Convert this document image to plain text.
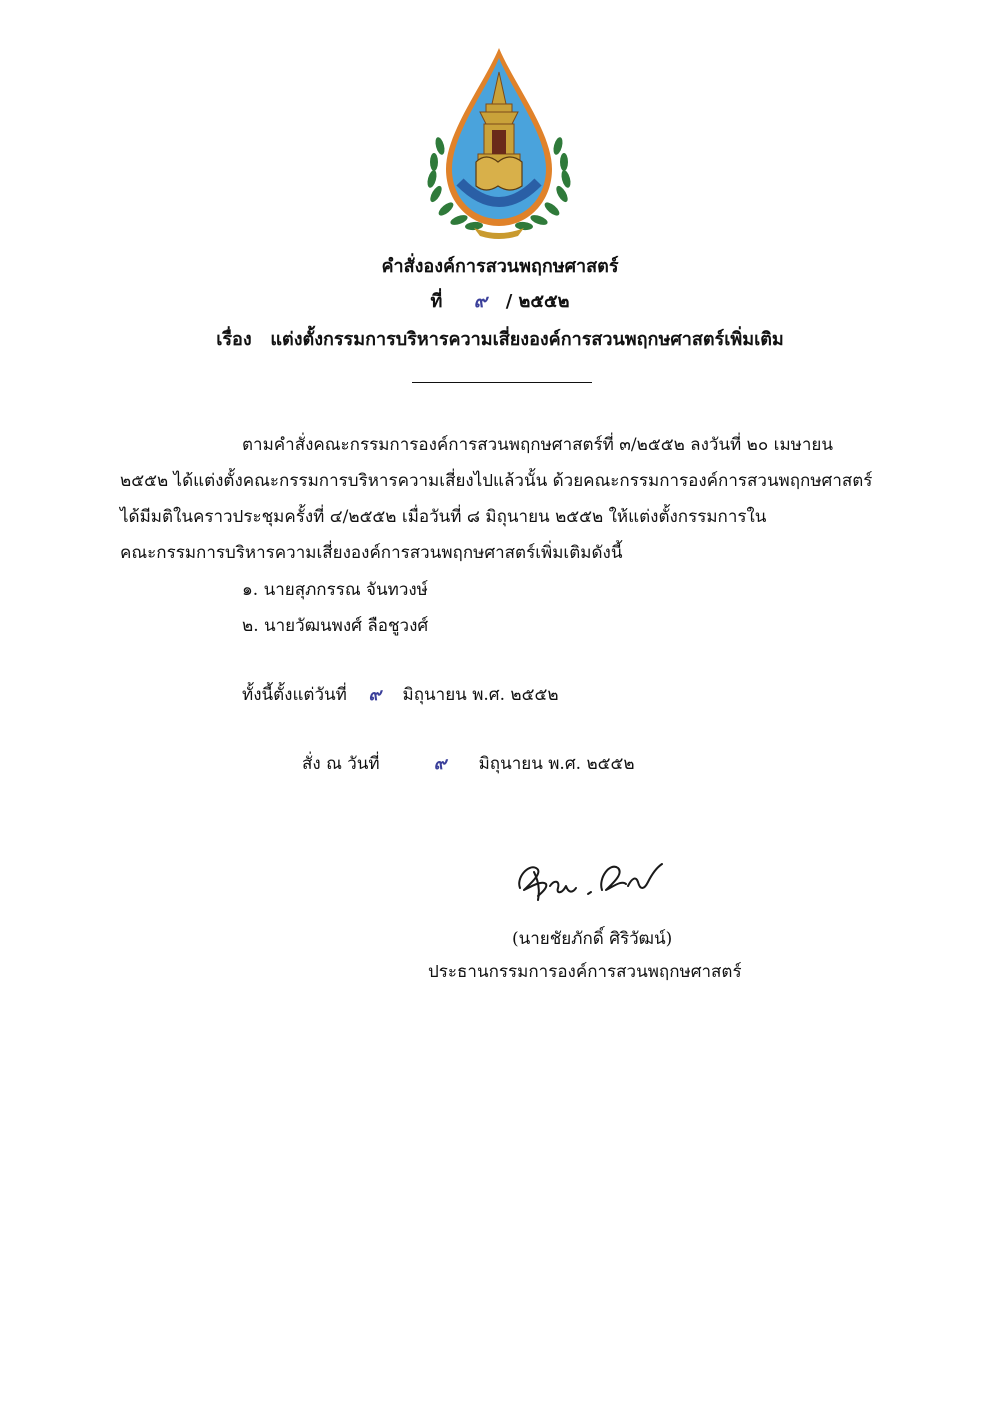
คำสั่งองค์การสวนพฤกษศาสตร์
ที่ ๙ / ๒๕๕๒
เรื่อง แต่งตั้งกรรมการบริหารความเสี่ยงองค์การสวนพฤกษศาสตร์เพิ่มเติม
ตามคำสั่งคณะกรรมการองค์การสวนพฤกษศาสตร์ที่ ๓/๒๕๕๒ ลงวันที่ ๒๐ เมษายน
๒๕๕๒ ได้แต่งตั้งคณะกรรมการบริหารความเสี่ยงไปแล้วนั้น ด้วยคณะกรรมการองค์การสวนพฤกษศาสตร์
ได้มีมติในคราวประชุมครั้งที่ ๔/๒๕๕๒ เมื่อวันที่ ๘ มิถุนายน ๒๕๕๒ ให้แต่งตั้งกรรมการใน
คณะกรรมการบริหารความเสี่ยงองค์การสวนพฤกษศาสตร์เพิ่มเติมดังนี้
๑. นายสุภกรรณ จันทวงษ์
๒. นายวัฒนพงศ์ ลือชูวงศ์
ทั้งนี้ตั้งแต่วันที่ ๙ มิถุนายน พ.ศ. ๒๕๕๒
สั่ง ณ วันที่	๙ มิถุนายน พ.ศ. ๒๕๕๒
(นายชัยภักดิ์ ศิริวัฒน์)
ประธานกรรมการองค์การสวนพฤกษศาสตร์
